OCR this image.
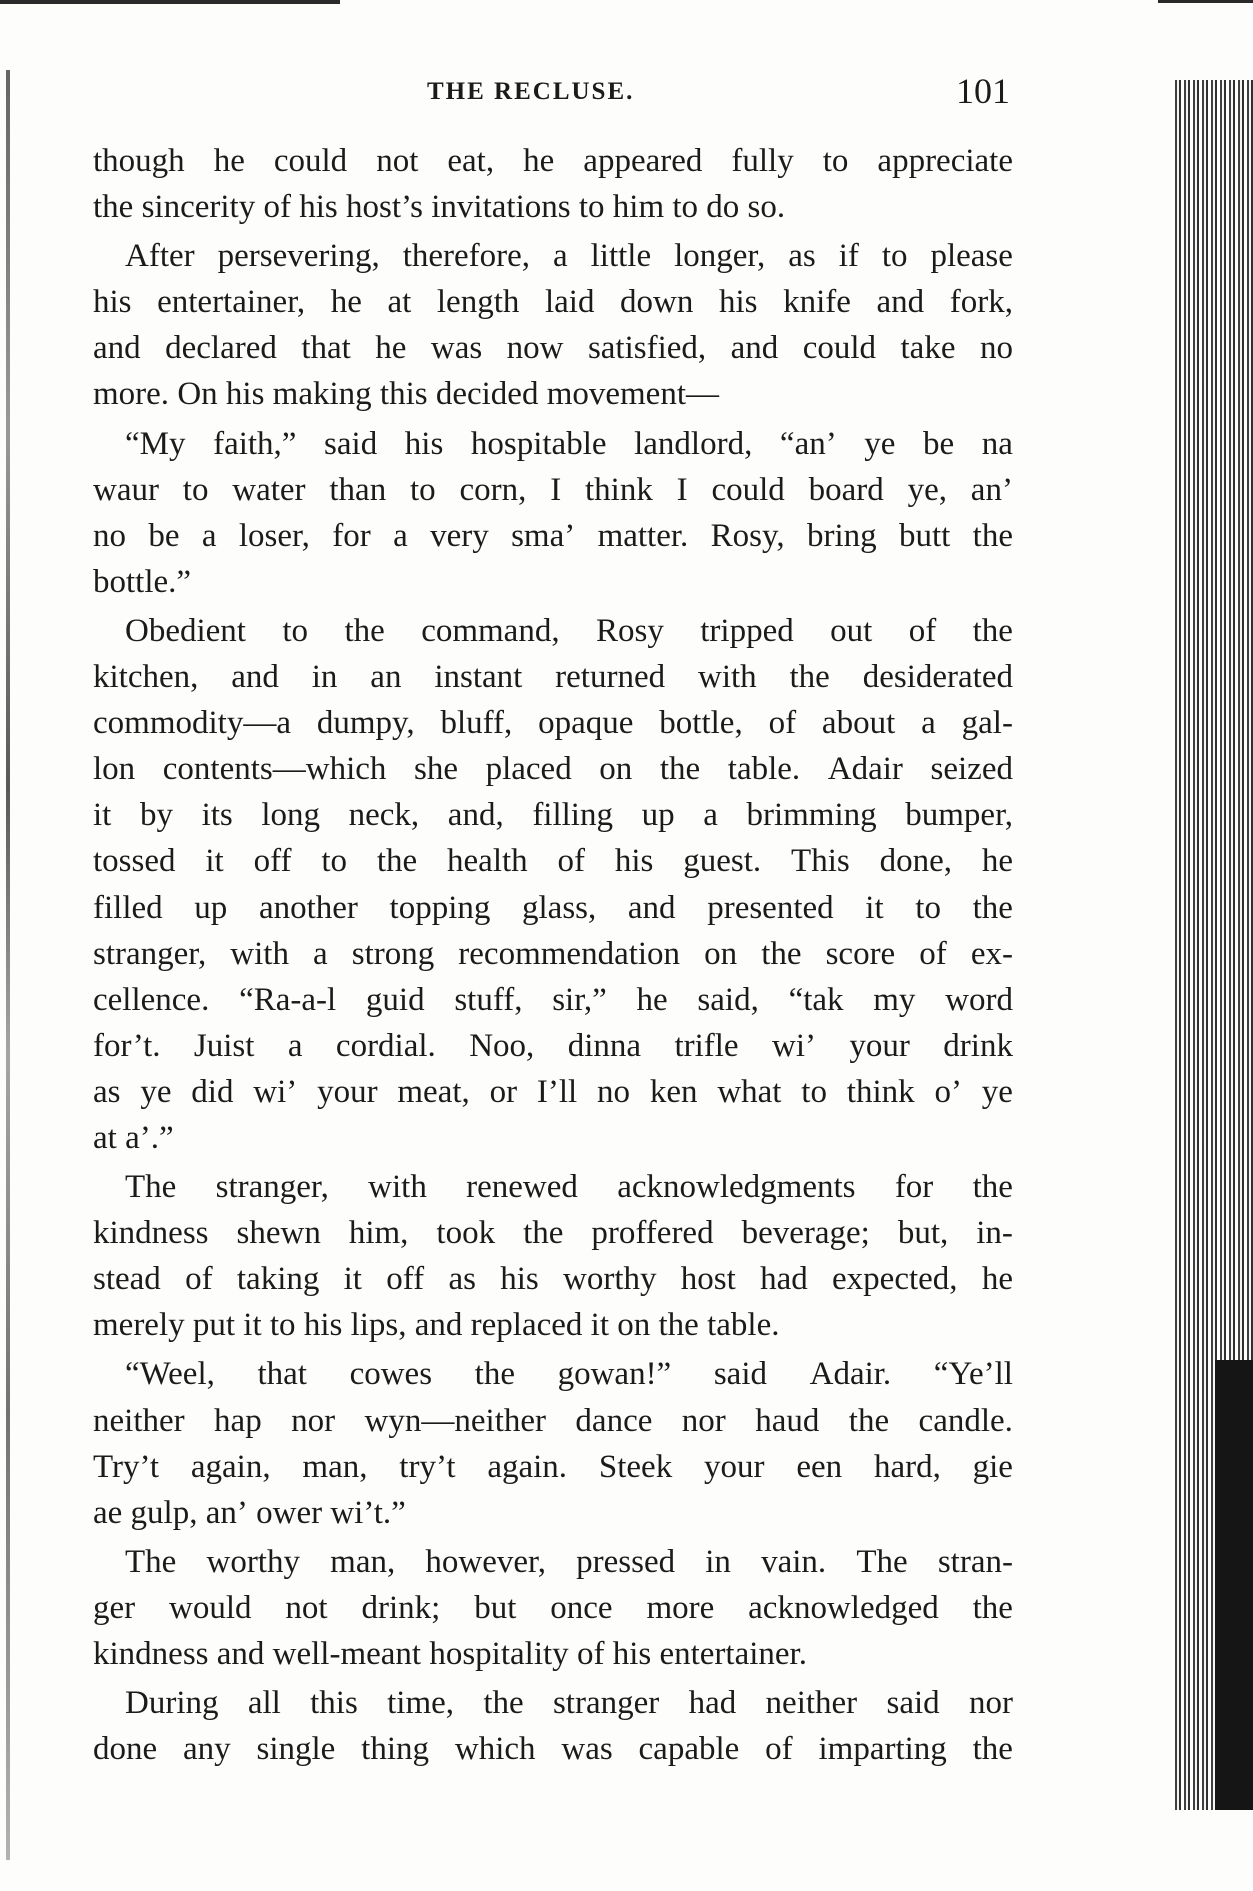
THE RECLUSE.	101
though he could not eat, he appeared fully to appreciate
the sincerity of his host’s invitations to him to do so.
After persevering, therefore, a little longer, as if to please
his entertainer, he at length laid down his knife and fork,
and declared that he was now satisfied, and could take no
more. On his making this decided movement—
“My faith,” said his hospitable landlord, “an’ ye be na
waur to water than to corn, I think I could board ye, an’
no be a loser, for a very sma’ matter. Rosy, bring butt the
bottle.”
Obedient to the command, Rosy tripped out of the
kitchen, and in an instant returned with the desiderated
commodity—a dumpy, bluff, opaque bottle, of about a gal-
lon contents—which she placed on the table. Adair seized
it by its long neck, and, filling up a brimming bumper,
tossed it off to the health of his guest. This done, he
filled up another topping glass, and presented it to the
stranger, with a strong recommendation on the score of ex-
cellence. “Ra-a-l guid stuff, sir,” he said, “tak my word
for’t. Juist a cordial. Noo, dinna trifle wi’ your drink
as ye did wi’ your meat, or I’ll no ken what to think o’ ye
at a’.”
The stranger, with renewed acknowledgments for the
kindness shewn him, took the proffered beverage; but, in-
stead of taking it off as his worthy host had expected, he
merely put it to his lips, and replaced it on the table.
“Weel, that cowes the gowan!” said Adair. “Ye’ll
neither hap nor wyn—neither dance nor haud the candle.
Try’t again, man, try’t again. Steek your een hard, gie
ae gulp, an’ ower wi’t.”
The worthy man, however, pressed in vain. The stran-
ger would not drink; but once more acknowledged the
kindness and well-meant hospitality of his entertainer.
During all this time, the stranger had neither said nor
done any single thing which was capable of imparting the
